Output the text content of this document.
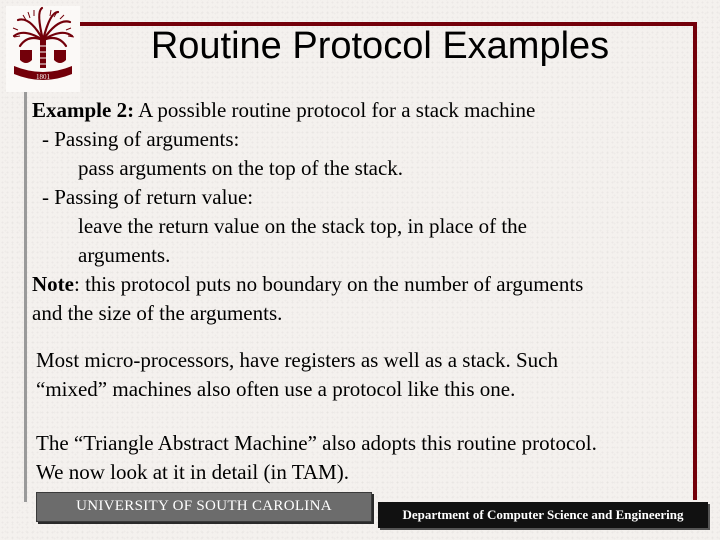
1801
Routine Protocol Examples
Example 2: A possible routine protocol for a stack machine
- Passing of arguments:
pass arguments on the top of the stack.
- Passing of return value:
leave the return value on the stack top, in place of the
arguments.
Note: this protocol puts no boundary on the number of arguments
and the size of the arguments.
Most micro-processors, have registers as well as a stack. Such
“mixed” machines also often use a protocol like this one.
The “Triangle Abstract Machine” also adopts this routine protocol.
We now look at it in detail (in TAM).
UNIVERSITY OF SOUTH CAROLINA
Department of Computer Science and Engineering
